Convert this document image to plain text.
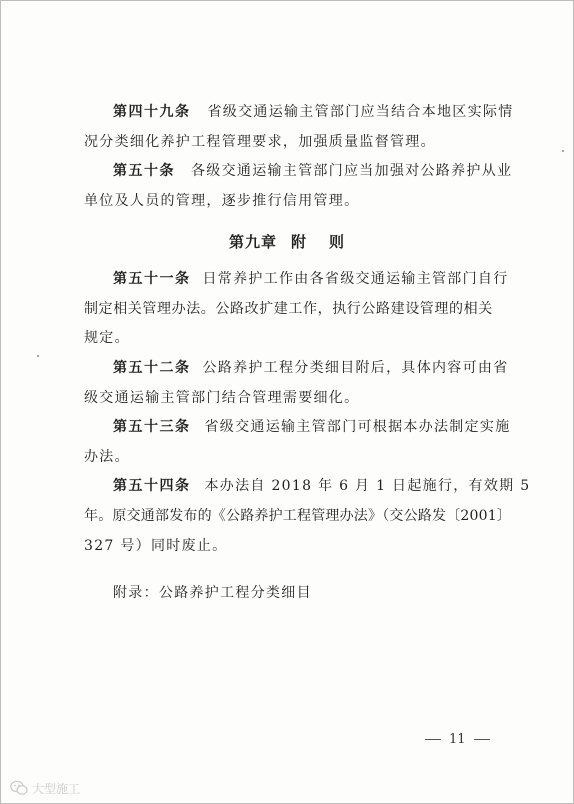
第四十九条 省级交通运输主管部门应当结合本地区实际情
况分类细化养护工程管理要求，加强质量监督管理。
第五十条 各级交通运输主管部门应当加强对公路养护从业
单位及人员的管理，逐步推行信用管理。
第九章 附 则
第五十一条 日常养护工作由各省级交通运输主管部门自行
制定相关管理办法。公路改扩建工作，执行公路建设管理的相关
规定。
第五十二条 公路养护工程分类细目附后，具体内容可由省
级交通运输主管部门结合管理需要细化。
第五十三条 省级交通运输主管部门可根据本办法制定实施
办法。
第五十四条 本办法自 2018 年 6 月 1 日起施行，有效期 5
年。原交通部发布的《公路养护工程管理办法》（交公路发〔2001〕
327 号）同时废止。
附录：公路养护工程分类细目
11
大型施工
